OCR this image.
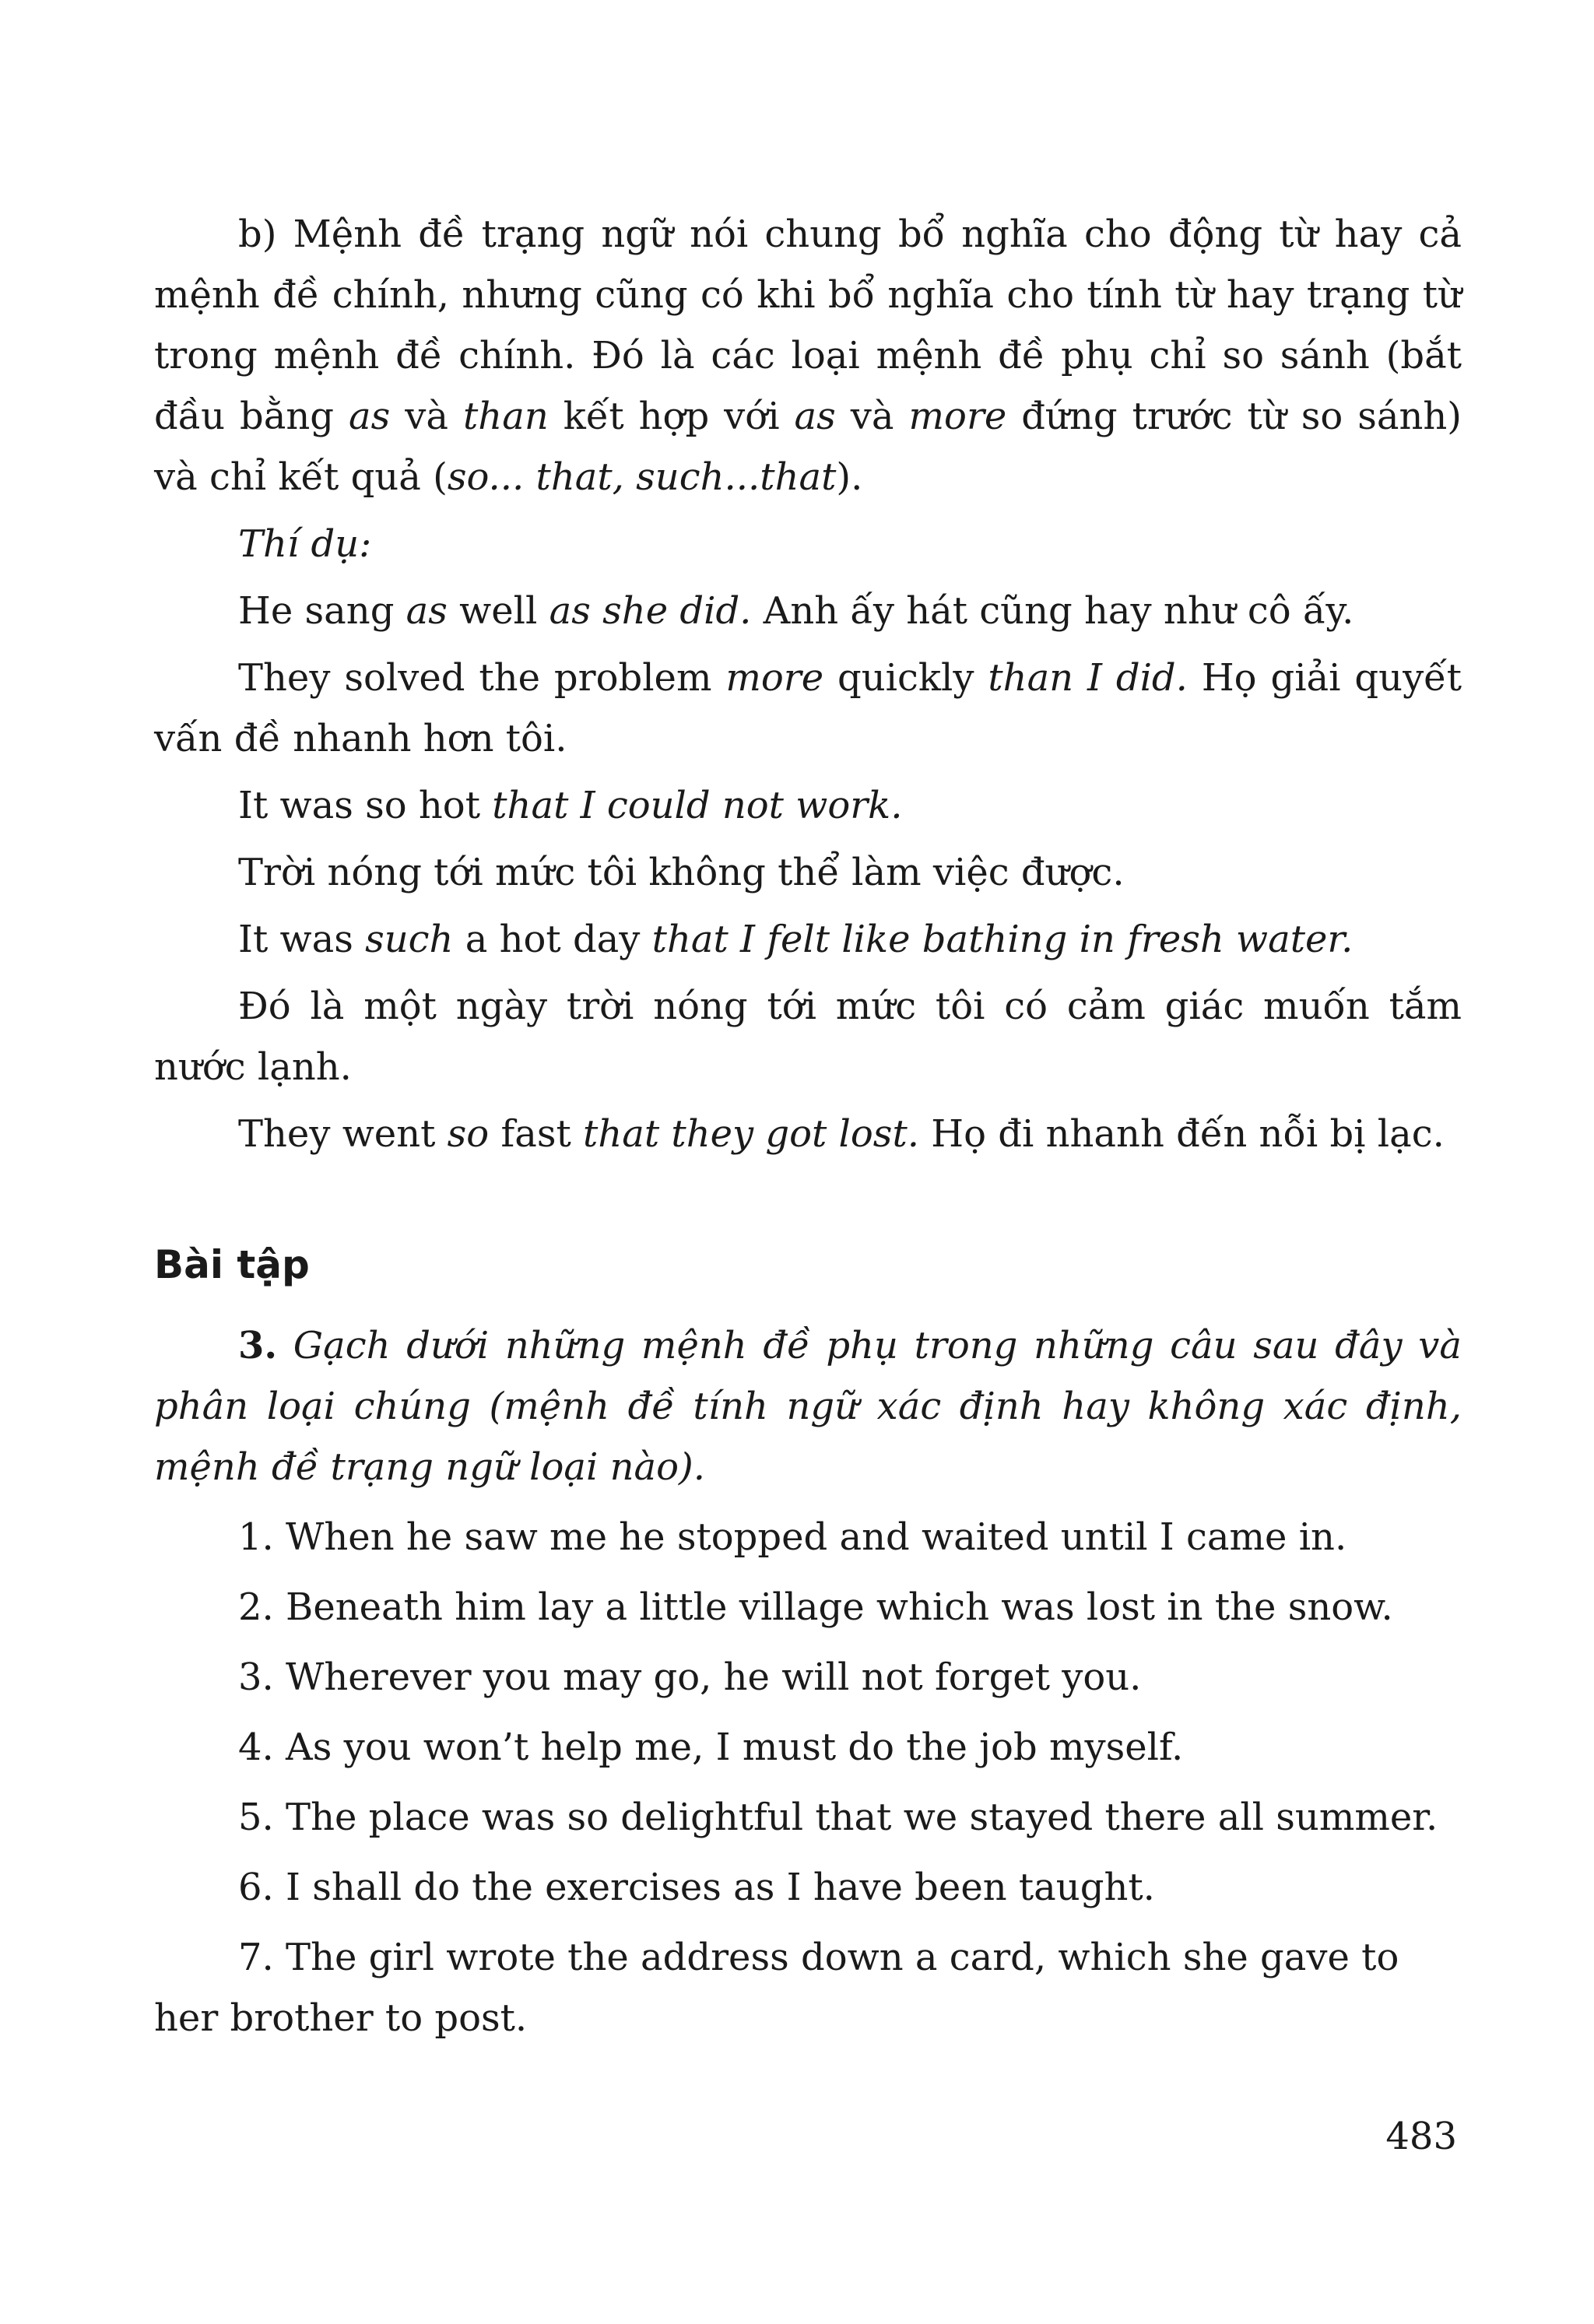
b) Mệnh đề trạng ngữ nói chung bổ nghĩa cho động từ hay cả mệnh đề chính, nhưng cũng có khi bổ nghĩa cho tính từ hay trạng từ trong mệnh đề chính. Đó là các loại mệnh đề phụ chỉ so sánh (bắt đầu bằng as và than kết hợp với as và more đứng trước từ so sánh) và chỉ kết quả (so... that, such...that).

Thí dụ:

He sang as well as she did. Anh ấy hát cũng hay như cô ấy.

They solved the problem more quickly than I did. Họ giải quyết vấn đề nhanh hơn tôi.

It was so hot that I could not work.

Trời nóng tới mức tôi không thể làm việc được.

It was such a hot day that I felt like bathing in fresh water.

Đó là một ngày trời nóng tới mức tôi có cảm giác muốn tắm nước lạnh.

They went so fast that they got lost. Họ đi nhanh đến nỗi bị lạc.

Bài tập

3. Gạch dưới những mệnh đề phụ trong những câu sau đây và phân loại chúng (mệnh đề tính ngữ xác định hay không xác định, mệnh đề trạng ngữ loại nào).

1. When he saw me he stopped and waited until I came in.

2. Beneath him lay a little village which was lost in the snow.

3. Wherever you may go, he will not forget you.

4. As you won’t help me, I must do the job myself.

5. The place was so delightful that we stayed there all summer.

6. I shall do the exercises as I have been taught.

7. The girl wrote the address down a card, which she gave to her brother to post.

483
